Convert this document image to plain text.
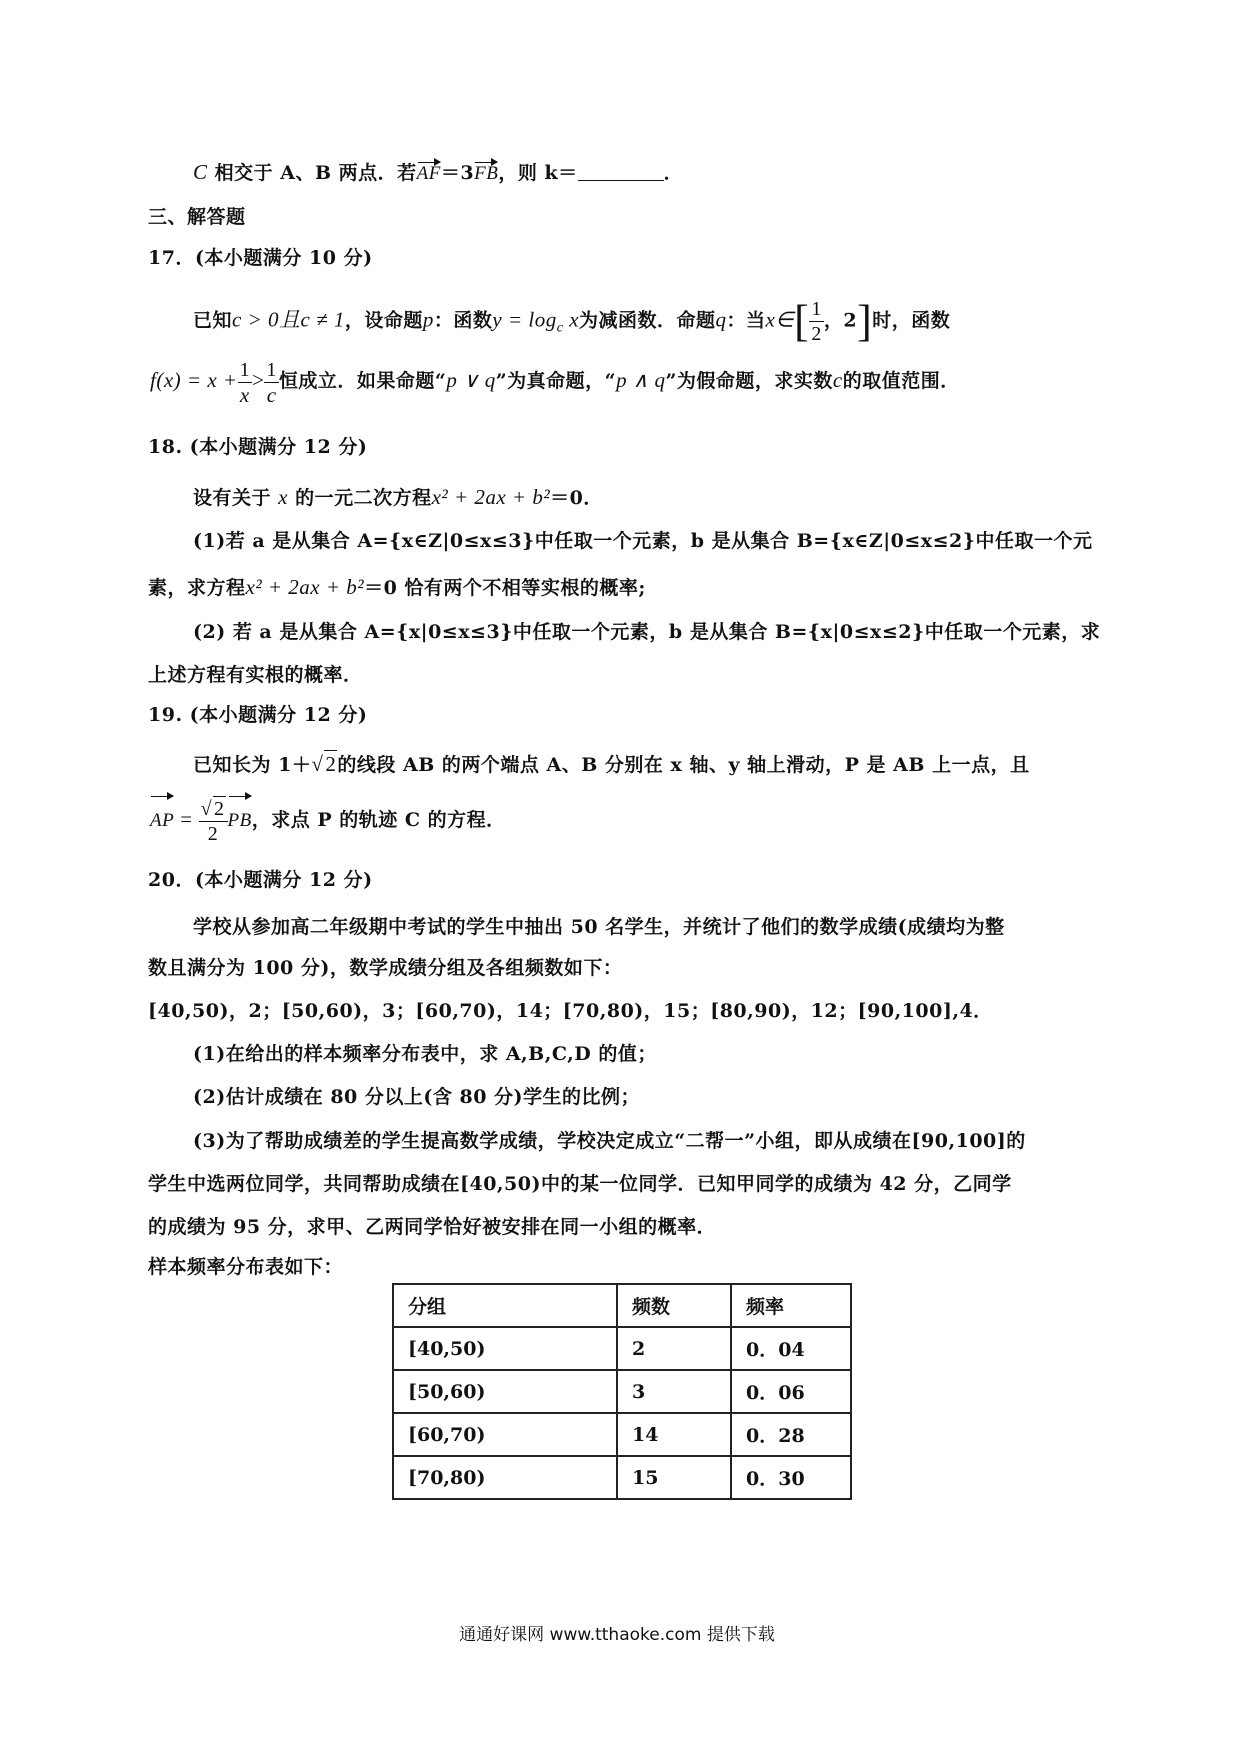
C 相交于 A、B 两点．若AF＝3FB，则 k＝	．
三、解答题
17．(本小题满分 10 分)
已知c > 0且c ≠ 1，设命题p：函数$y = \log_c x$为减函数．命题q：当x∈[ $\frac{1}{2}$ ，2]时，函数
$f(x) = x + \frac{1}{x} > \frac{1}{c}$ 恒成立．如果命题“p ∨ q”为真命题，“p ∧ q”为假命题，求实数c的取值范围．
18. (本小题满分 12 分)
设有关于 x 的一元二次方程x² + 2ax + b²＝0．
(1)若 a 是从集合 A={x∈Z|0≤x≤3}中任取一个元素，b 是从集合 B={x∈Z|0≤x≤2}中任取一个元
素，求方程x² + 2ax + b²＝0 恰有两个不相等实根的概率;
(2) 若 a 是从集合 A={x|0≤x≤3}中任取一个元素，b 是从集合 B={x|0≤x≤2}中任取一个元素，求
上述方程有实根的概率．
19. (本小题满分 12 分)
已知长为 1＋√2的线段 AB 的两个端点 A、B 分别在 x 轴、y 轴上滑动，P 是 AB 上一点，且
AP = $\frac{√ 2}{2}$ PB，求点 P 的轨迹 C 的方程．
20．(本小题满分 12 分)
学校从参加高二年级期中考试的学生中抽出 50 名学生，并统计了他们的数学成绩(成绩均为整
数且满分为 100 分)，数学成绩分组及各组频数如下：
[40,50)，2；[50,60)，3；[60,70)，14；[70,80)，15；[80,90)，12；[90,100],4．
(1)在给出的样本频率分布表中，求 A,B,C,D 的值；
(2)估计成绩在 80 分以上(含 80 分)学生的比例；
(3)为了帮助成绩差的学生提高数学成绩，学校决定成立“二帮一”小组，即从成绩在[90,100]的
学生中选两位同学，共同帮助成绩在[40,50)中的某一位同学．已知甲同学的成绩为 42 分，乙同学
的成绩为 95 分，求甲、乙两同学恰好被安排在同一小组的概率．
样本频率分布表如下：
分组	频数	频率
[40,50)	2	0．04
[50,60)	3	0．06
[60,70)	14	0．28
[70,80)	15	0．30
通通好课网 www.tthaoke.com 提供下载
